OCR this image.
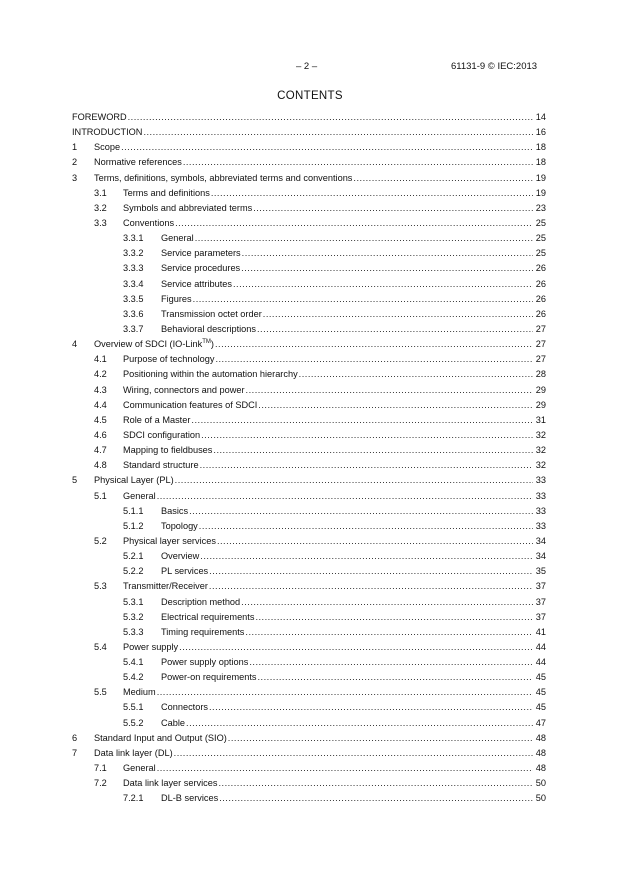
– 2 –	61131-9 © IEC:2013
CONTENTS
FOREWORD .....	14
INTRODUCTION .....	16
1	Scope .....	18
2	Normative references .....	18
3	Terms, definitions, symbols, abbreviated terms and conventions .....	19
3.1	Terms and definitions .....	19
3.2	Symbols and abbreviated terms .....	23
3.3	Conventions .....	25
3.3.1	General .....	25
3.3.2	Service parameters .....	25
3.3.3	Service procedures .....	26
3.3.4	Service attributes .....	26
3.3.5	Figures .....	26
3.3.6	Transmission octet order .....	26
3.3.7	Behavioral descriptions .....	27
4	Overview of SDCI (IO-Link™) .....	27
4.1	Purpose of technology .....	27
4.2	Positioning within the automation hierarchy .....	28
4.3	Wiring, connectors and power .....	29
4.4	Communication features of SDCI .....	29
4.5	Role of a Master .....	31
4.6	SDCI configuration .....	32
4.7	Mapping to fieldbuses .....	32
4.8	Standard structure .....	32
5	Physical Layer (PL) .....	33
5.1	General .....	33
5.1.1	Basics .....	33
5.1.2	Topology .....	33
5.2	Physical layer services .....	34
5.2.1	Overview .....	34
5.2.2	PL services .....	35
5.3	Transmitter/Receiver .....	37
5.3.1	Description method .....	37
5.3.2	Electrical requirements .....	37
5.3.3	Timing requirements .....	41
5.4	Power supply .....	44
5.4.1	Power supply options .....	44
5.4.2	Power-on requirements .....	45
5.5	Medium .....	45
5.5.1	Connectors .....	45
5.5.2	Cable .....	47
6	Standard Input and Output (SIO) .....	48
7	Data link layer (DL) .....	48
7.1	General .....	48
7.2	Data link layer services .....	50
7.2.1	DL-B services .....	50
